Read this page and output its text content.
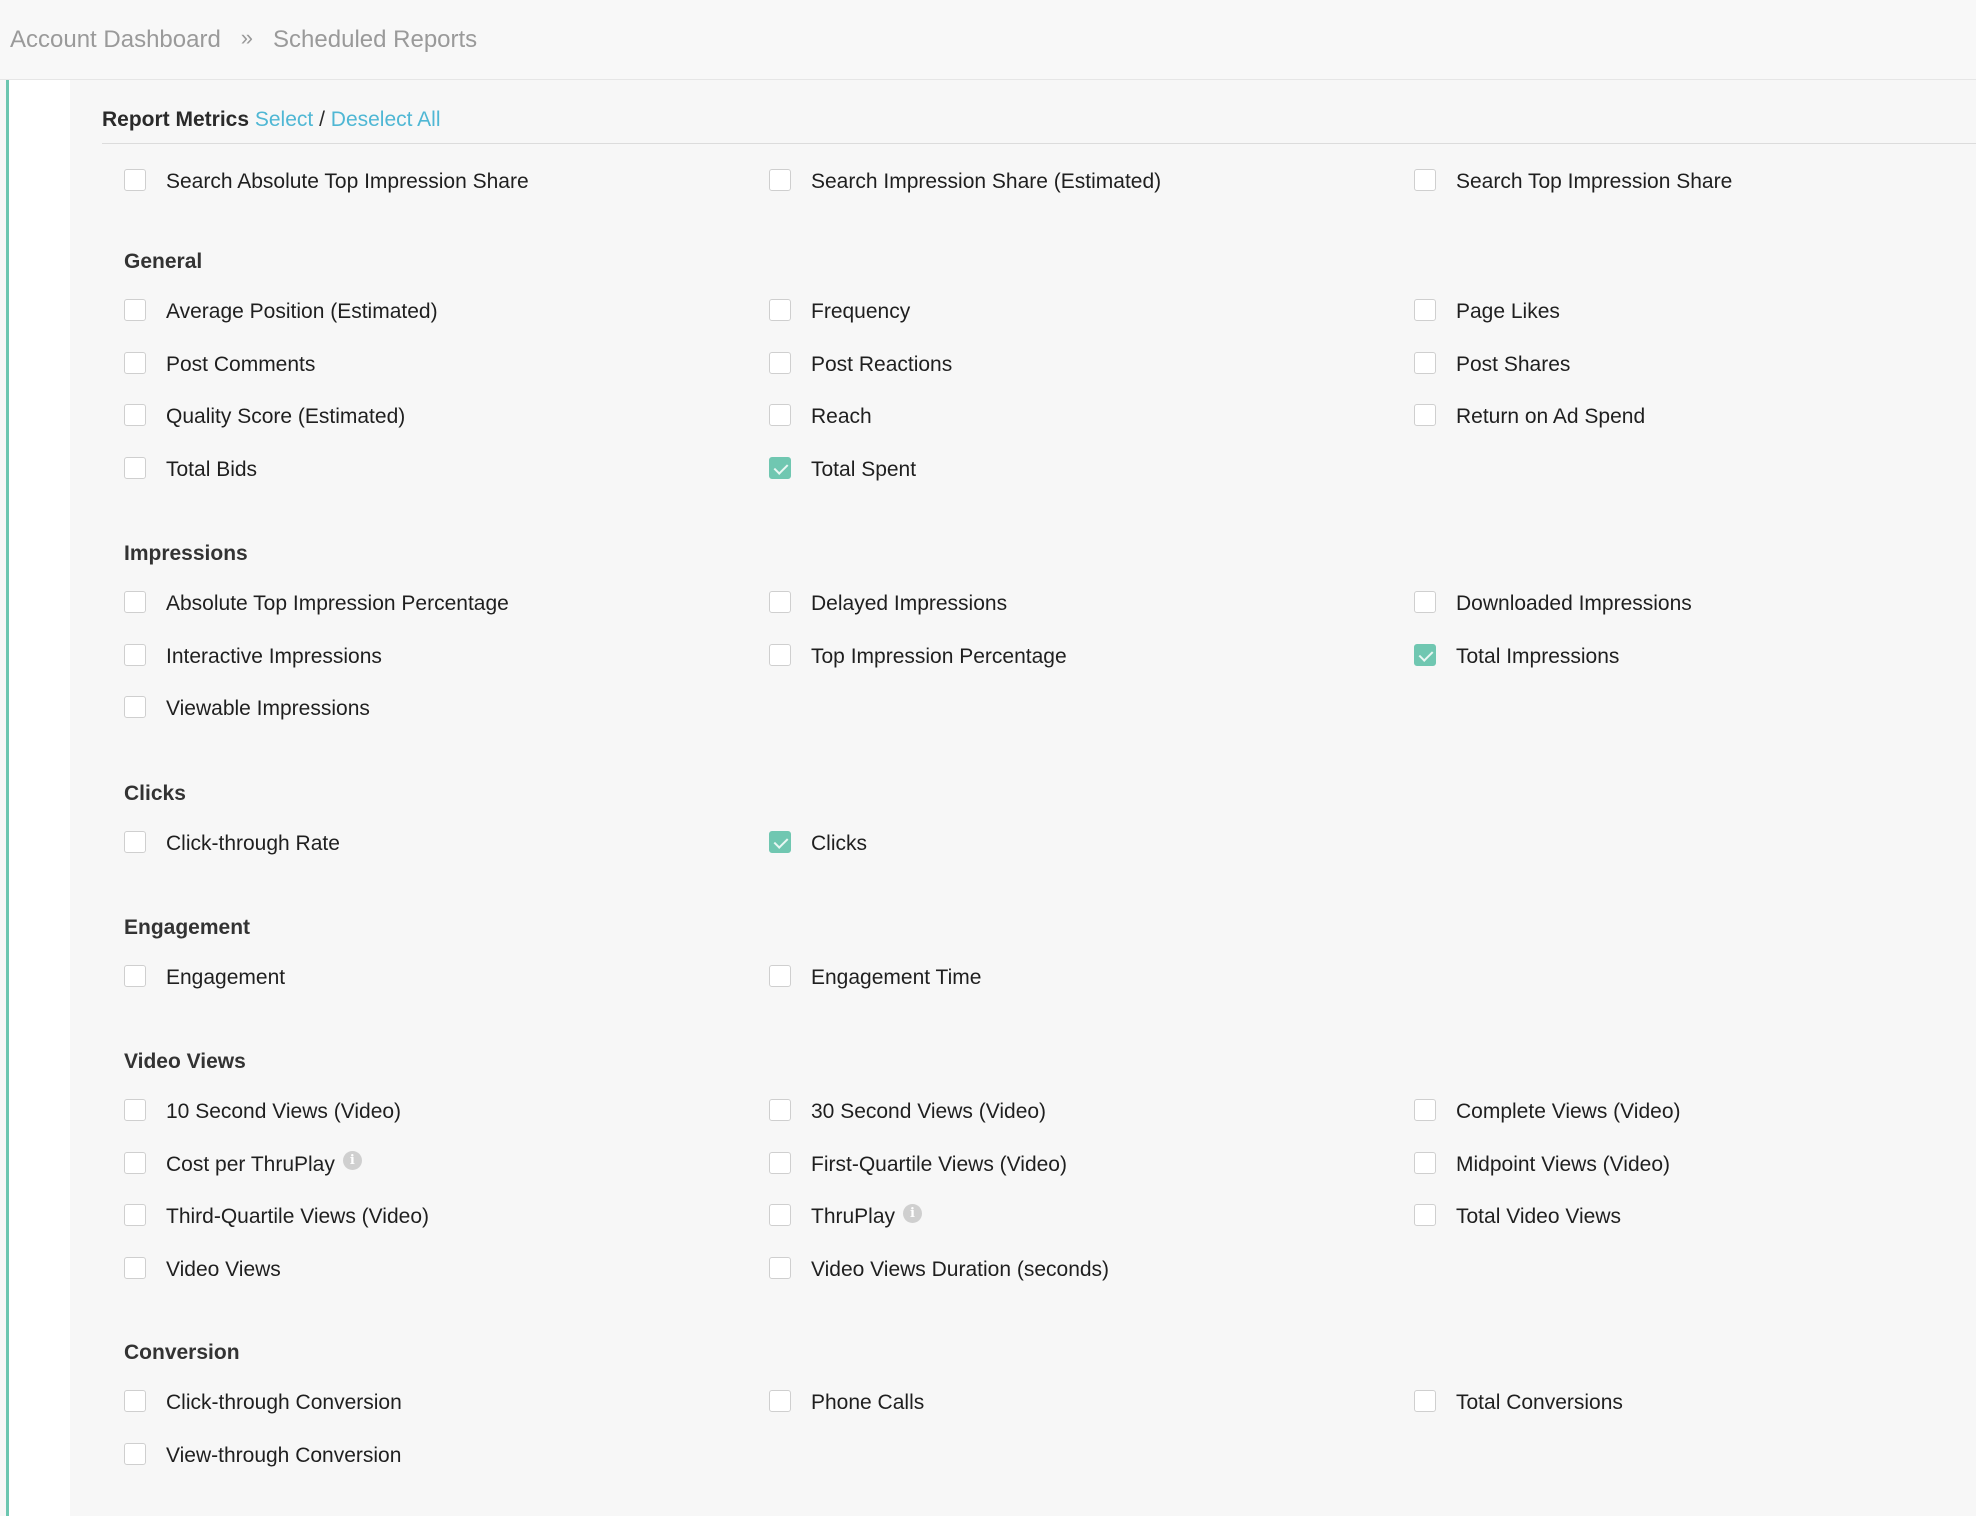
Account Dashboard » Scheduled Reports
Report Metrics Select / Deselect All
Search Absolute Top Impression Share	Search Impression Share (Estimated)	Search Top Impression Share
General
Average Position (Estimated)	Frequency	Page Likes
Post Comments	Post Reactions	Post Shares
Quality Score (Estimated)	Reach	Return on Ad Spend
Total Bids	Total Spent
Impressions
Absolute Top Impression Percentage	Delayed Impressions	Downloaded Impressions
Interactive Impressions	Top Impression Percentage	Total Impressions
Viewable Impressions
Clicks
Click-through Rate	Clicks
Engagement
Engagement	Engagement Time
Video Views
10 Second Views (Video)	30 Second Views (Video)	Complete Views (Video)
Cost per ThruPlay	i	First-Quartile Views (Video)	Midpoint Views (Video)
Third-Quartile Views (Video)	ThruPlay	i	Total Video Views
Video Views	Video Views Duration (seconds)
Conversion
Click-through Conversion	Phone Calls	Total Conversions
View-through Conversion
